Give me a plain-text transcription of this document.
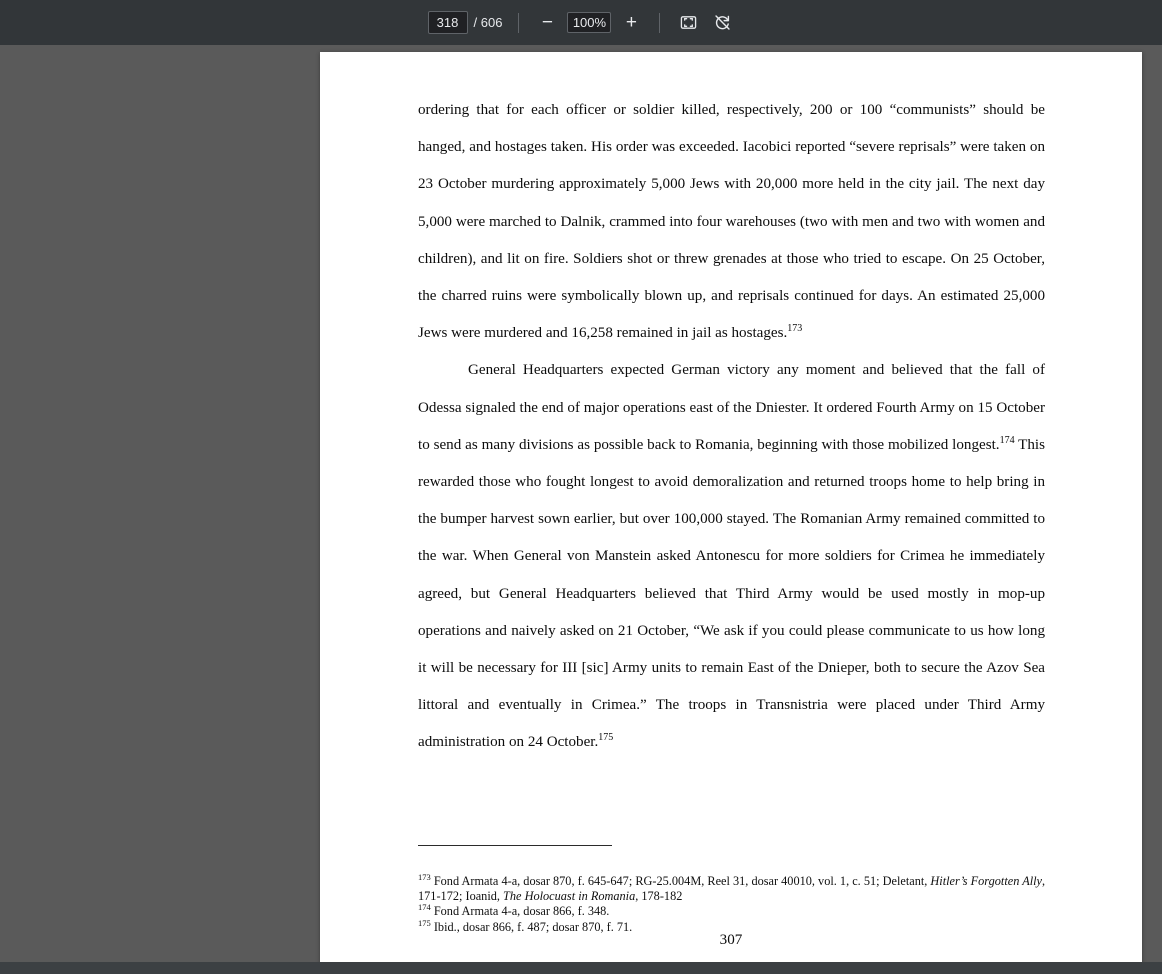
318
/ 606 −	100% +

ordering that for each officer or soldier killed, respectively, 200 or 100 “communists” should be hanged, and hostages taken. His order was exceeded. Iacobici reported “severe reprisals” were taken on 23 October murdering approximately 5,000 Jews with 20,000 more held in the city jail. The next day 5,000 were marched to Dalnik, crammed into four warehouses (two with men and two with women and children), and lit on fire. Soldiers shot or threw grenades at those who tried to escape. On 25 October, the charred ruins were symbolically blown up, and reprisals continued for days. An estimated 25,000 Jews were murdered and 16,258 remained in jail as hostages.$^{173}$

General Headquarters expected German victory any moment and believed that the fall of Odessa signaled the end of major operations east of the Dniester. It ordered Fourth Army on 15 October to send as many divisions as possible back to Romania, beginning with those mobilized longest.$^{174}$ This rewarded those who fought longest to avoid demoralization and returned troops home to help bring in the bumper harvest sown earlier, but over 100,000 stayed. The Romanian Army remained committed to the war. When General von Manstein asked Antonescu for more soldiers for Crimea he immediately agreed, but General Headquarters believed that Third Army would be used mostly in mop-up operations and naively asked on 21 October, “We ask if you could please communicate to us how long it will be necessary for III [sic] Army units to remain East of the Dnieper, both to secure the Azov Sea littoral and eventually in Crimea.” The troops in Transnistria were placed under Third Army administration on 24 October.$^{175}$

$^{173}$ Fond Armata 4-a, dosar 870, f. 645-647; RG-25.004M, Reel 31, dosar 40010, vol. 1, c. 51; Deletant, Hitler’s Forgotten Ally, 171-172; Ioanid, The Holocuast in Romania, 178-182

$^{174}$ Fond Armata 4-a, dosar 866, f. 348.

$^{175}$ Ibid., dosar 866, f. 487; dosar 870, f. 71.

307
